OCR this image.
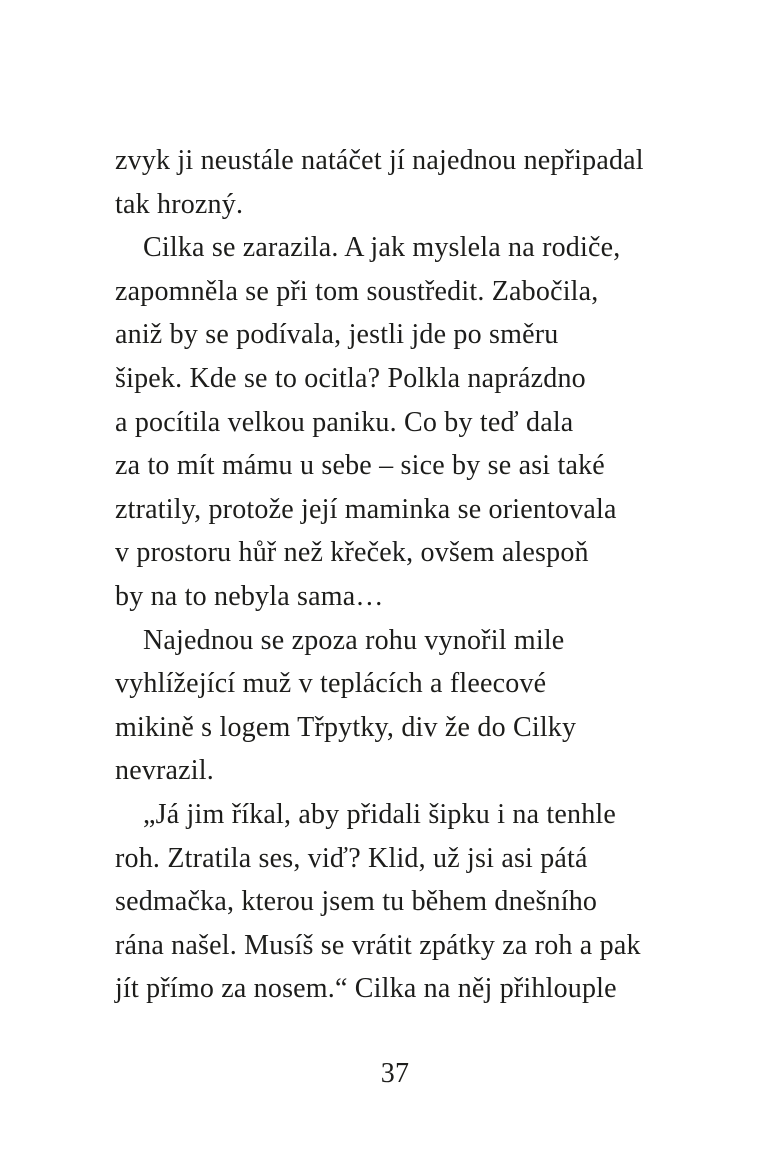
zvyk ji neustále natáčet jí najednou nepřipadal
tak hrozný.
Cilka se zarazila. A jak myslela na rodiče,
zapomněla se při tom soustředit. Zabočila,
aniž by se podívala, jestli jde po směru
šipek. Kde se to ocitla? Polkla naprázdno
a pocítila velkou paniku. Co by teď dala
za to mít mámu u sebe – sice by se asi také
ztratily, protože její maminka se orientovala
v prostoru hůř než křeček, ovšem alespoň
by na to nebyla sama…
Najednou se zpoza rohu vynořil mile
vyhlížející muž v teplácích a fleecové
mikině s logem Třpytky, div že do Cilky
nevrazil.
„Já jim říkal, aby přidali šipku i na tenhle
roh. Ztratila ses, viď? Klid, už jsi asi pátá
sedmačka, kterou jsem tu během dnešního
rána našel. Musíš se vrátit zpátky za roh a pak
jít přímo za nosem.“ Cilka na něj přihlouple
37
